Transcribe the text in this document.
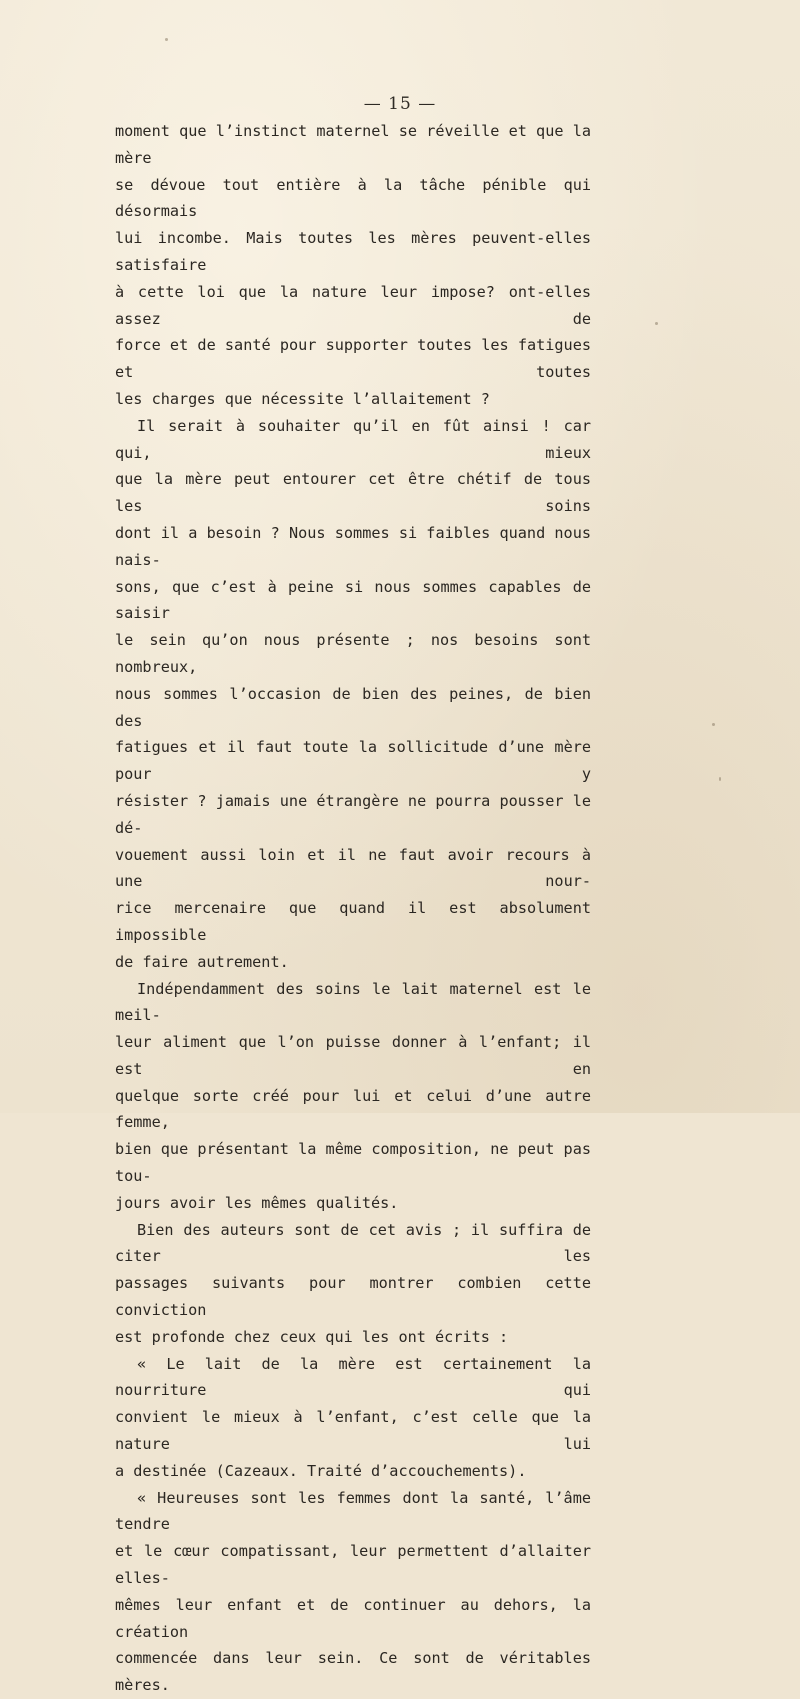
— 15 —

moment que l’instinct maternel se réveille et que la mère

se dévoue tout entière à la tâche pénible qui désormais

lui incombe. Mais toutes les mères peuvent-elles satisfaire

à cette loi que la nature leur impose? ont-elles assez de

force et de santé pour supporter toutes les fatigues et toutes

les charges que nécessite l’allaitement ?

Il serait à souhaiter qu’il en fût ainsi ! car qui, mieux

que la mère peut entourer cet être chétif de tous les soins

dont il a besoin ? Nous sommes si faibles quand nous nais-

sons, que c’est à peine si nous sommes capables de saisir

le sein qu’on nous présente ; nos besoins sont nombreux,

nous sommes l’occasion de bien des peines, de bien des

fatigues et il faut toute la sollicitude d’une mère pour y

résister ? jamais une étrangère ne pourra pousser le dé-

vouement aussi loin et il ne faut avoir recours à une nour-

rice mercenaire que quand il est absolument impossible

de faire autrement.

Indépendamment des soins le lait maternel est le meil-

leur aliment que l’on puisse donner à l’enfant; il est en

quelque sorte créé pour lui et celui d’une autre femme,

bien que présentant la même composition, ne peut pas tou-

jours avoir les mêmes qualités.

Bien des auteurs sont de cet avis ; il suffira de citer les

passages suivants pour montrer combien cette conviction

est profonde chez ceux qui les ont écrits :

« Le lait de la mère est certainement la nourriture qui

convient le mieux à l’enfant, c’est celle que la nature lui

a destinée (Cazeaux. Traité d’accouchements).

« Heureuses sont les femmes dont la santé, l’âme tendre

et le cœur compatissant, leur permettent d’allaiter elles-

mêmes leur enfant et de continuer au dehors, la création

commencée dans leur sein. Ce sont de véritables mères.
